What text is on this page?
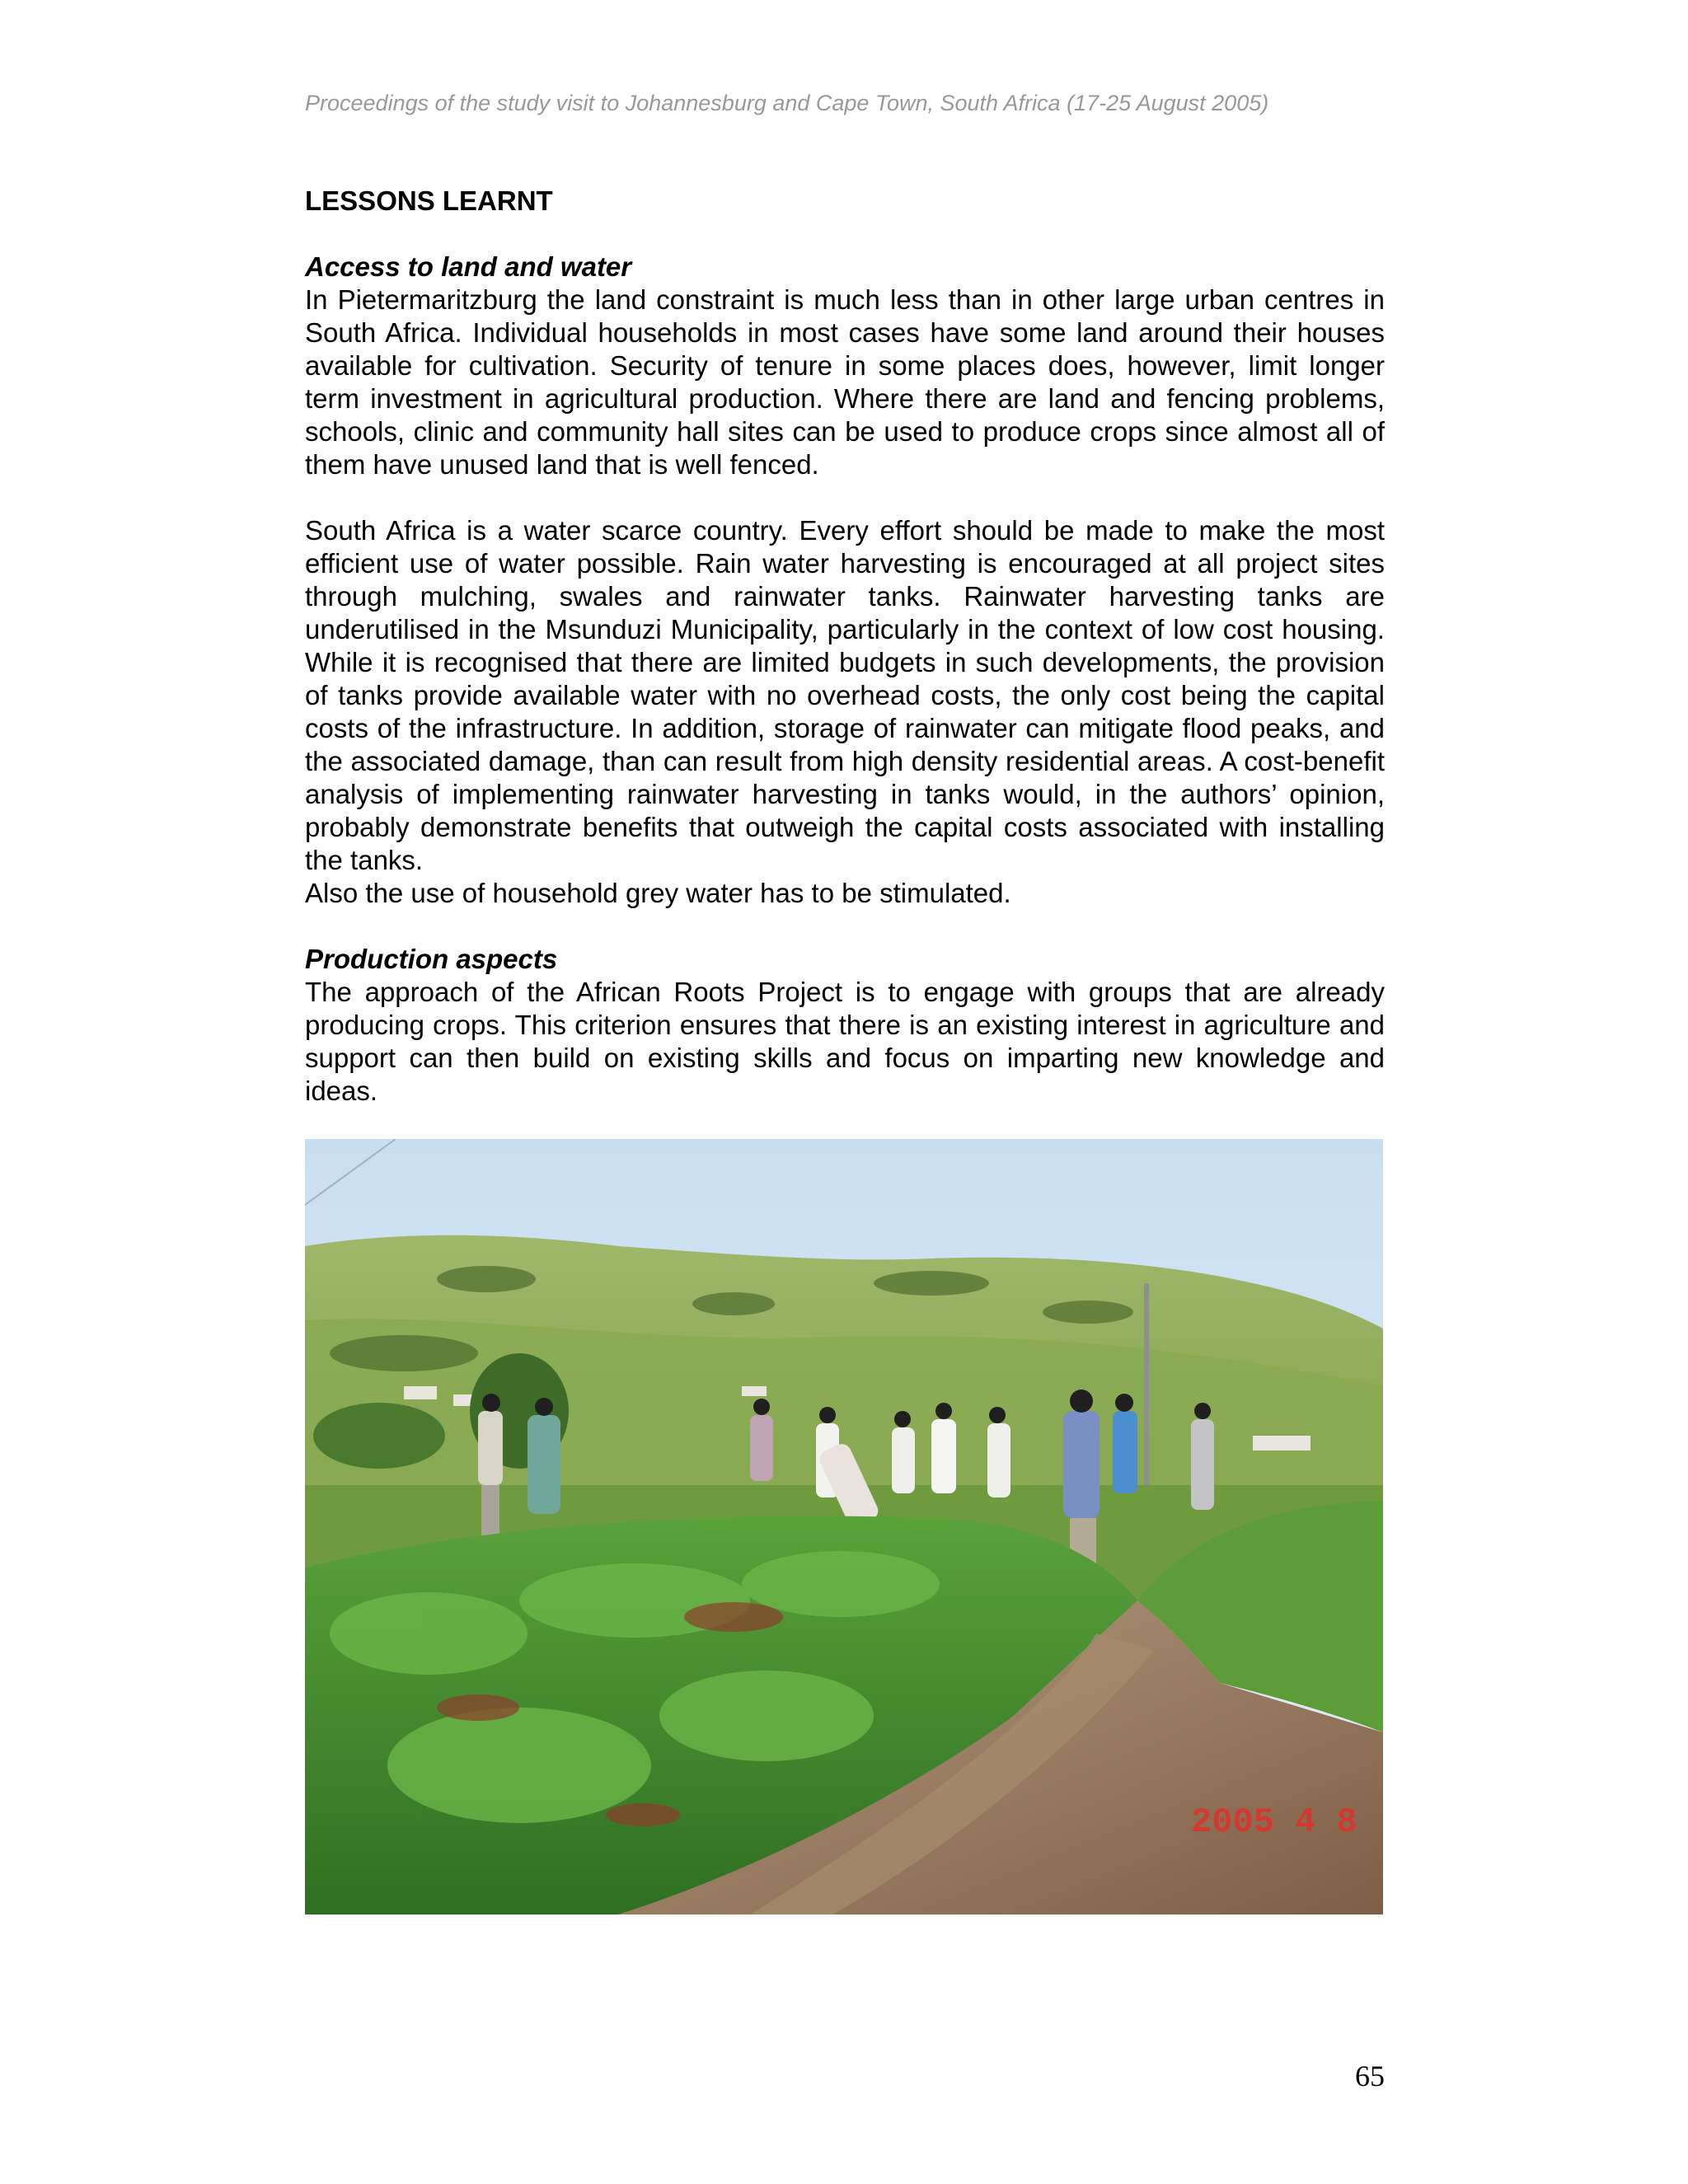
Proceedings of the study visit to Johannesburg and Cape Town, South Africa (17-25 August 2005)

LESSONS LEARNT

Access to land and water

In Pietermaritzburg the land constraint is much less than in other large urban centres in South Africa. Individual households in most cases have some land around their houses available for cultivation. Security of tenure in some places does, however, limit longer term investment in agricultural production. Where there are land and fencing problems, schools, clinic and community hall sites can be used to produce crops since almost all of them have unused land that is well fenced.

South Africa is a water scarce country. Every effort should be made to make the most efficient use of water possible. Rain water harvesting is encouraged at all project sites through mulching, swales and rainwater tanks. Rainwater harvesting tanks are underutilised in the Msunduzi Municipality, particularly in the context of low cost housing. While it is recognised that there are limited budgets in such developments, the provision of tanks provide available water with no overhead costs, the only cost being the capital costs of the infrastructure. In addition, storage of rainwater can mitigate flood peaks, and the associated damage, than can result from high density residential areas. A cost-benefit analysis of implementing rainwater harvesting in tanks would, in the authors’ opinion, probably demonstrate benefits that outweigh the capital costs associated with installing the tanks.

Also the use of household grey water has to be stimulated.

Production aspects

The approach of the African Roots Project is to engage with groups that are already producing crops. This criterion ensures that there is an existing interest in agriculture and support can then build on existing skills and focus on imparting new knowledge and ideas.

2005 4 8
65
